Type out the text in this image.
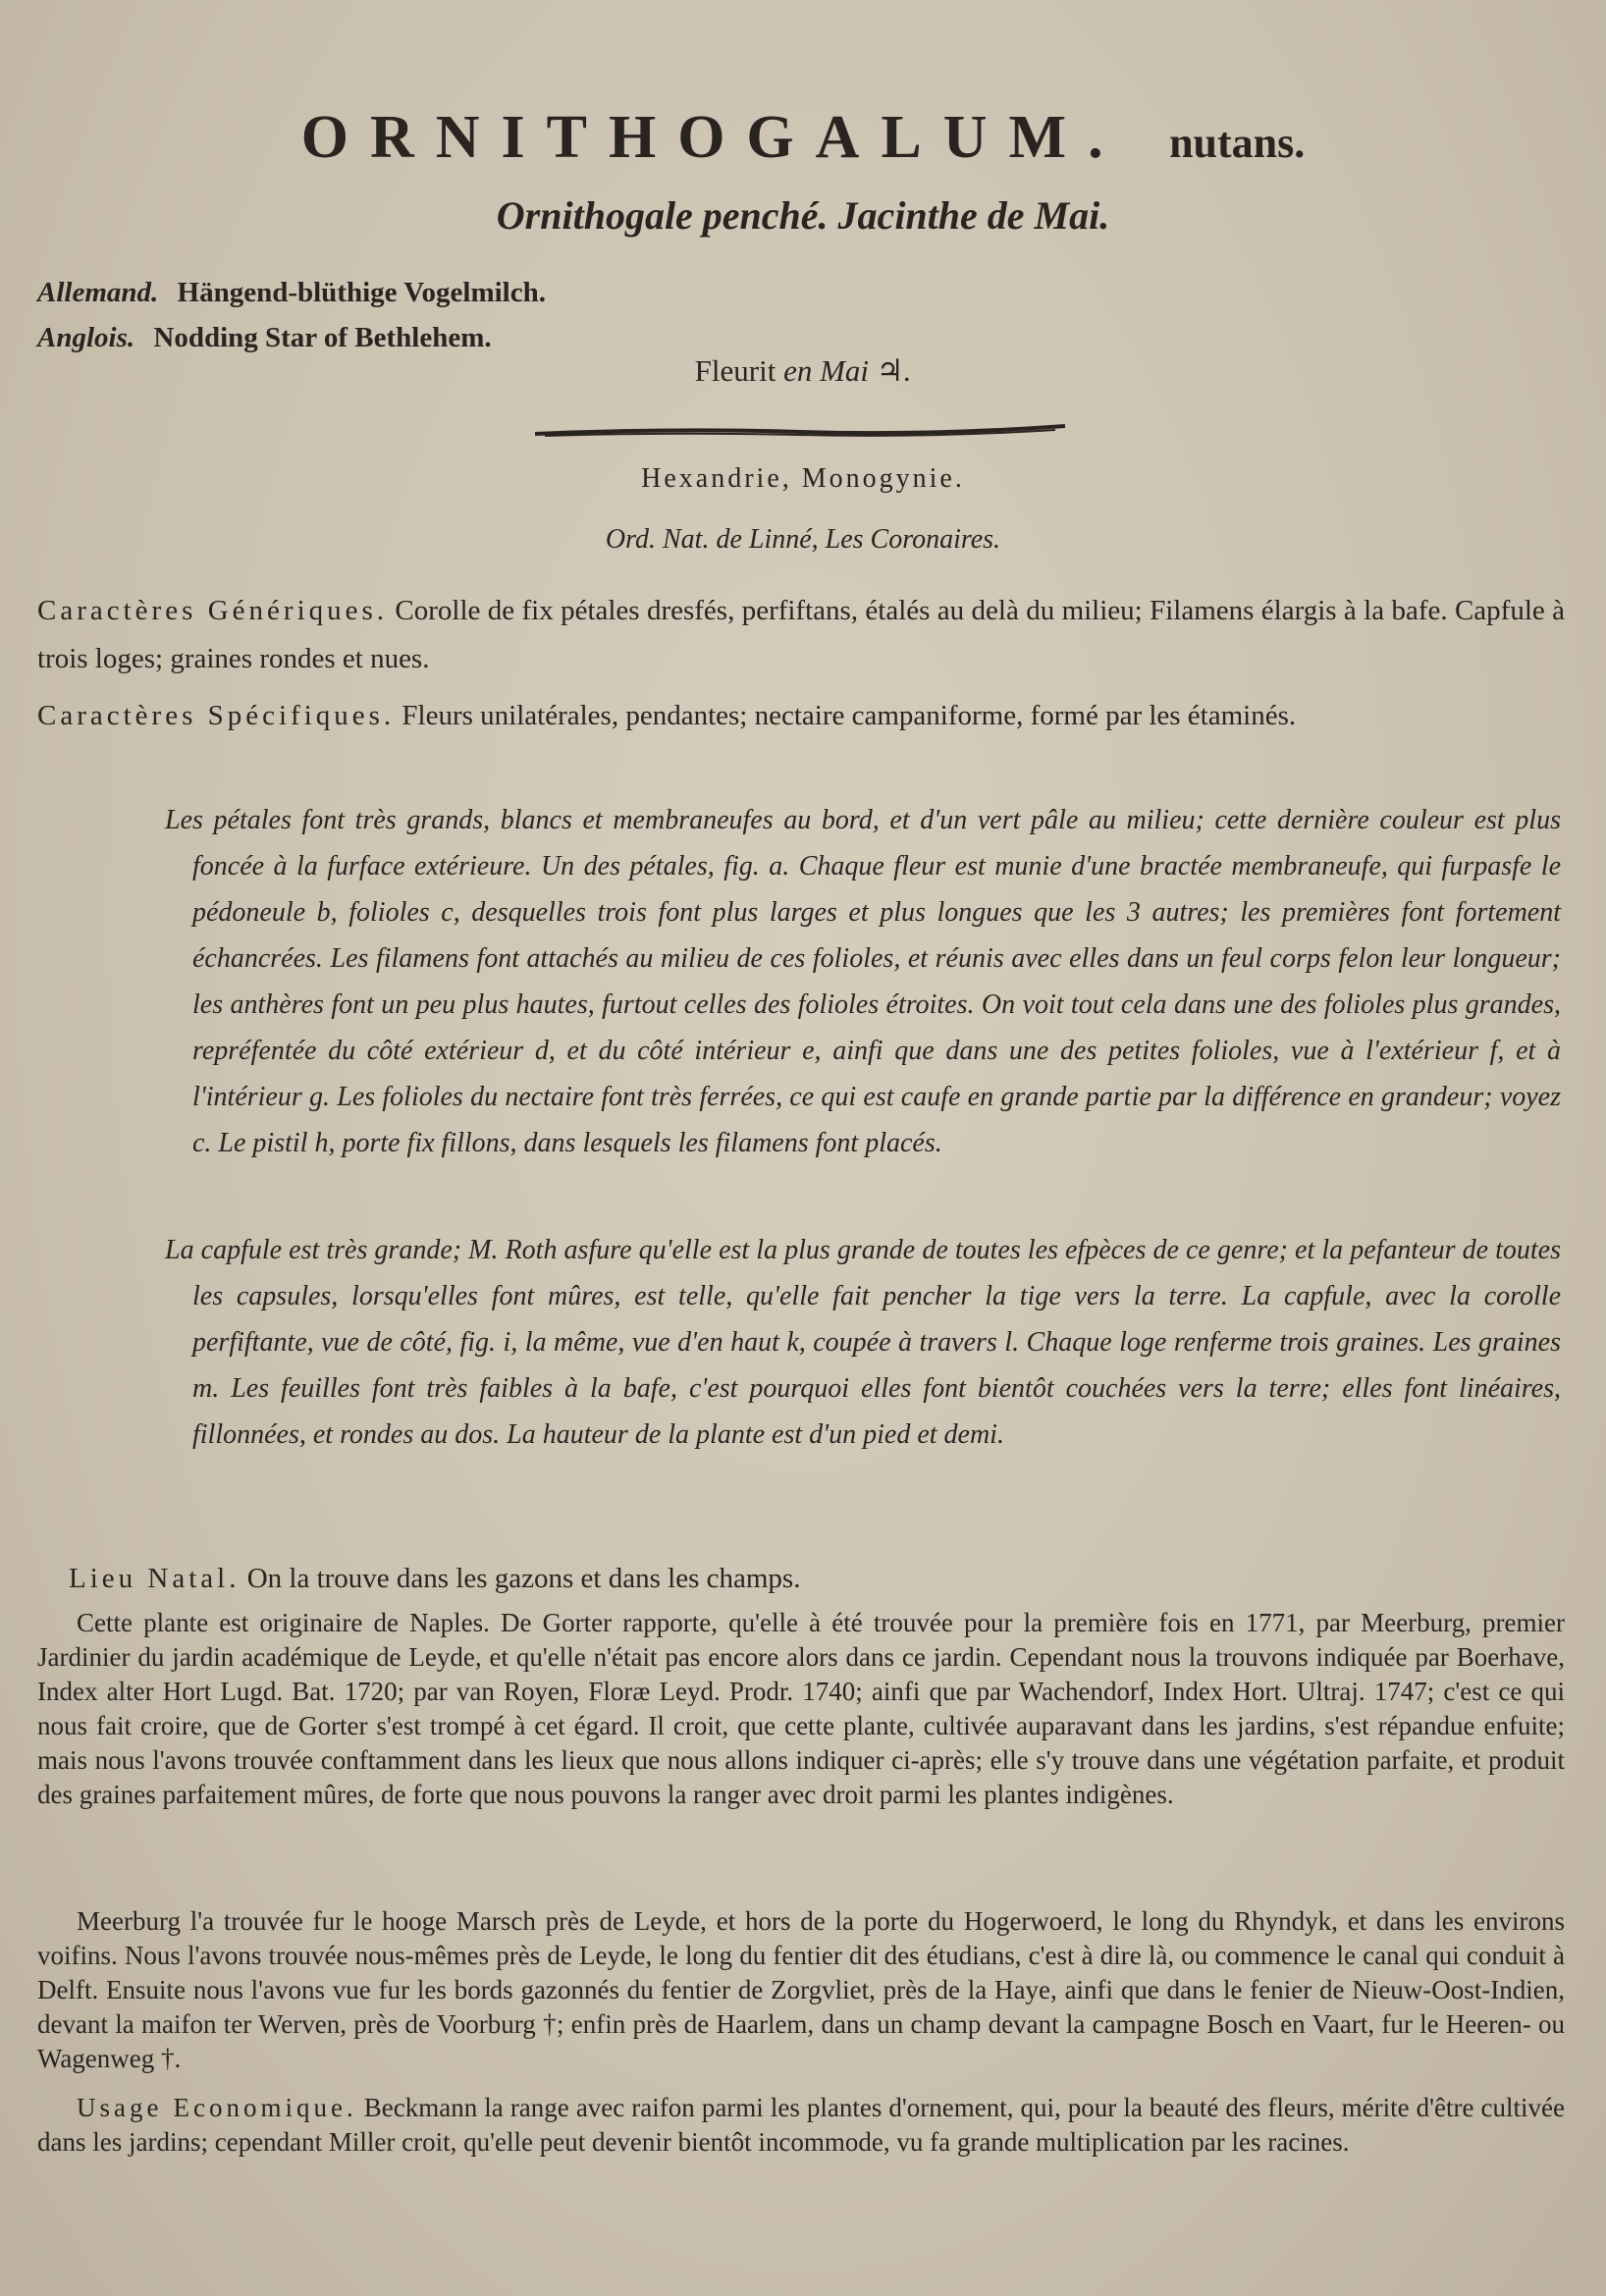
ORNITHOGALUM. nutans.
Ornithogale penché. Jacinthe de Mai.
Allemand. Hängend-blüthige Vogelmilch.
Anglois. Nodding Star of Bethlehem.
Fleurit en Mai ♃.
Hexandrie, Monogynie.
Ord. Nat. de Linné, Les Coronaires.
Caractères Génériques. Corolle de fix pétales dresfés, perfiftans, étalés au delà du milieu; Filamens élargis à la bafe. Capfule à trois loges; graines rondes et nues.
Caractères Spécifiques. Fleurs unilatérales, pendantes; nectaire campaniforme, formé par les étaminés.
Les pétales font très grands, blancs et membraneufes au bord, et d'un vert pâle au milieu; cette dernière couleur est plus foncée à la furface extérieure. Un des pétales, fig. a. Chaque fleur est munie d'une bractée membraneufe, qui furpasfe le pédoneule b, folioles c, desquelles trois font plus larges et plus longues que les 3 autres; les premières font fortement échancrées. Les filamens font attachés au milieu de ces folioles, et réunis avec elles dans un feul corps felon leur longueur; les anthères font un peu plus hautes, furtout celles des folioles étroites. On voit tout cela dans une des folioles plus grandes, repréfentée du côté extérieur d, et du côté intérieur e, ainfi que dans une des petites folioles, vue à l'extérieur f, et à l'intérieur g. Les folioles du nectaire font très ferrées, ce qui est caufe en grande partie par la différence en grandeur; voyez c. Le pistil h, porte fix fillons, dans lesquels les filamens font placés.
La capfule est très grande; M. Roth asfure qu'elle est la plus grande de toutes les efpèces de ce genre; et la pefanteur de toutes les capsules, lorsqu'elles font mûres, est telle, qu'elle fait pencher la tige vers la terre. La capfule, avec la corolle perfiftante, vue de côté, fig. i, la même, vue d'en haut k, coupée à travers l. Chaque loge renferme trois graines. Les graines m. Les feuilles font très faibles à la bafe, c'est pourquoi elles font bientôt couchées vers la terre; elles font linéaires, fillonnées, et rondes au dos. La hauteur de la plante est d'un pied et demi.
Lieu Natal. On la trouve dans les gazons et dans les champs.
Cette plante est originaire de Naples. De Gorter rapporte, qu'elle à été trouvée pour la première fois en 1771, par Meerburg, premier Jardinier du jardin académique de Leyde, et qu'elle n'était pas encore alors dans ce jardin. Cependant nous la trouvons indiquée par Boerhave, Index alter Hort Lugd. Bat. 1720; par van Royen, Floræ Leyd. Prodr. 1740; ainfi que par Wachendorf, Index Hort. Ultraj. 1747; c'est ce qui nous fait croire, que de Gorter s'est trompé à cet égard. Il croit, que cette plante, cultivée auparavant dans les jardins, s'est répandue enfuite; mais nous l'avons trouvée conftamment dans les lieux que nous allons indiquer ci-après; elle s'y trouve dans une végétation parfaite, et produit des graines parfaitement mûres, de forte que nous pouvons la ranger avec droit parmi les plantes indigènes.
Meerburg l'a trouvée fur le hooge Marsch près de Leyde, et hors de la porte du Hogerwoerd, le long du Rhyndyk, et dans les environs voifins. Nous l'avons trouvée nous-mêmes près de Leyde, le long du fentier dit des étudians, c'est à dire là, ou commence le canal qui conduit à Delft. Ensuite nous l'avons vue fur les bords gazonnés du fentier de Zorgvliet, près de la Haye, ainfi que dans le fenier de Nieuw-Oost-Indien, devant la maifon ter Werven, près de Voorburg †; enfin près de Haarlem, dans un champ devant la campagne Bosch en Vaart, fur le Heeren- ou Wagenweg †.
Usage Economique. Beckmann la range avec raifon parmi les plantes d'ornement, qui, pour la beauté des fleurs, mérite d'être cultivée dans les jardins; cependant Miller croit, qu'elle peut devenir bientôt incommode, vu fa grande multiplication par les racines.
